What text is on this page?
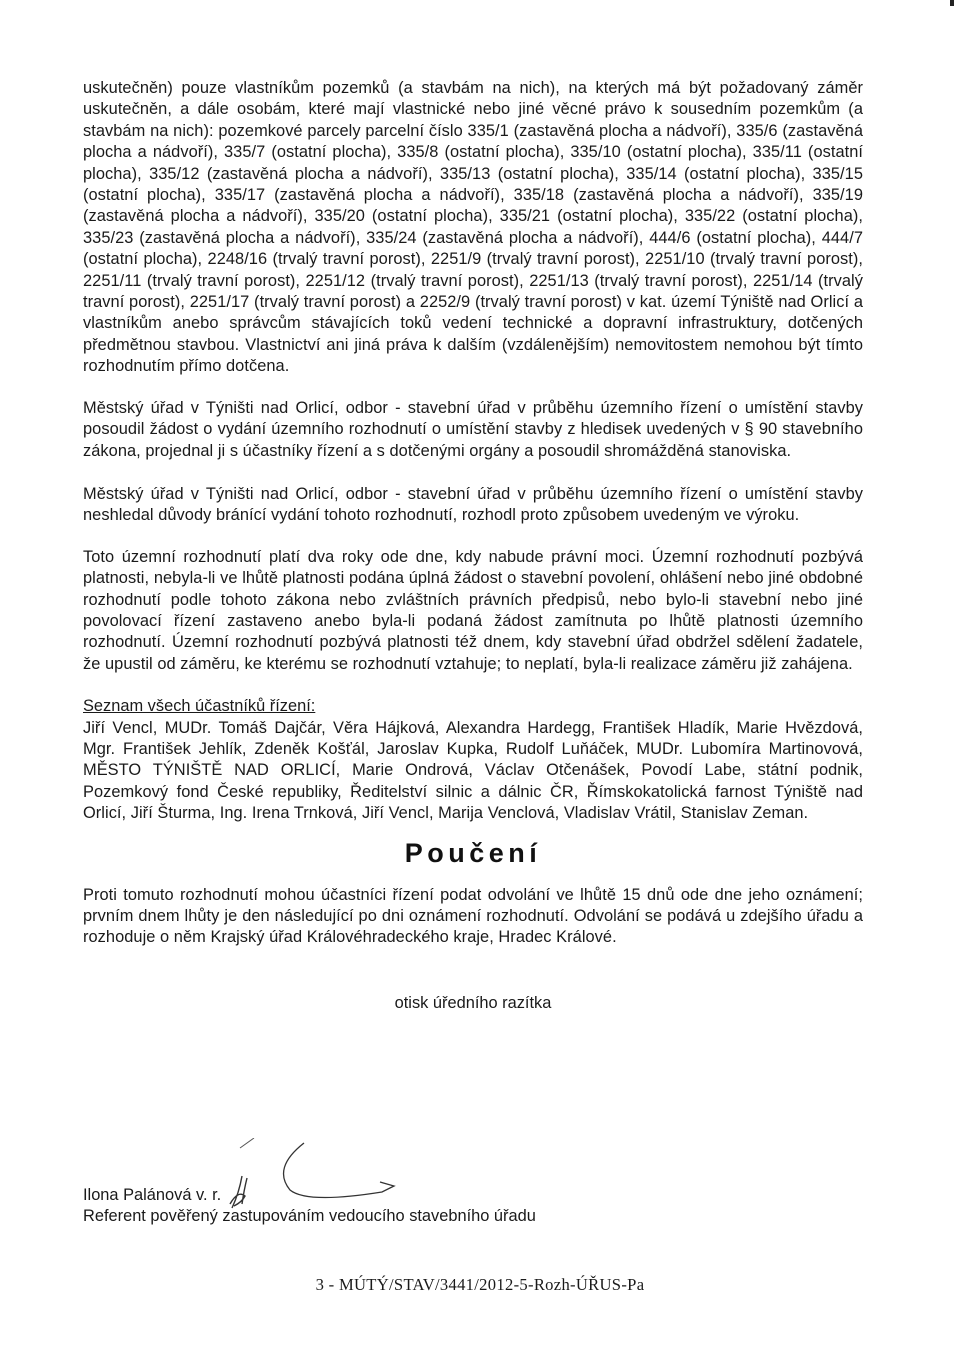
uskutečněn) pouze vlastníkům pozemků (a stavbám na nich), na kterých má být požadovaný záměr uskutečněn, a dále osobám, které mají vlastnické nebo jiné věcné právo k sousedním pozemkům (a stavbám na nich): pozemkové parcely parcelní číslo 335/1 (zastavěná plocha a nádvoří), 335/6 (zastavěná plocha a nádvoří), 335/7 (ostatní plocha), 335/8 (ostatní plocha), 335/10 (ostatní plocha), 335/11 (ostatní plocha), 335/12 (zastavěná plocha a nádvoří), 335/13 (ostatní plocha), 335/14 (ostatní plocha), 335/15 (ostatní plocha), 335/17 (zastavěná plocha a nádvoří), 335/18 (zastavěná plocha a nádvoří), 335/19 (zastavěná plocha a nádvoří), 335/20 (ostatní plocha), 335/21 (ostatní plocha), 335/22 (ostatní plocha), 335/23 (zastavěná plocha a nádvoří), 335/24 (zastavěná plocha a nádvoří), 444/6 (ostatní plocha), 444/7 (ostatní plocha), 2248/16 (trvalý travní porost), 2251/9 (trvalý travní porost), 2251/10 (trvalý travní porost), 2251/11 (trvalý travní porost), 2251/12 (trvalý travní porost), 2251/13 (trvalý travní porost), 2251/14 (trvalý travní porost), 2251/17 (trvalý travní porost) a 2252/9 (trvalý travní porost) v kat. území Týniště nad Orlicí a vlastníkům anebo správcům stávajících toků vedení technické a dopravní infrastruktury, dotčených předmětnou stavbou. Vlastnictví ani jiná práva k dalším (vzdálenějším) nemovitostem nemohou být tímto rozhodnutím přímo dotčena.

Městský úřad v Týništi nad Orlicí, odbor - stavební úřad v průběhu územního řízení o umístění stavby posoudil žádost o vydání územního rozhodnutí o umístění stavby z hledisek uvedených v § 90 stavebního zákona, projednal ji s účastníky řízení a s dotčenými orgány a posoudil shromážděná stanoviska.

Městský úřad v Týništi nad Orlicí, odbor - stavební úřad v průběhu územního řízení o umístění stavby neshledal důvody bránící vydání tohoto rozhodnutí, rozhodl proto způsobem uvedeným ve výroku.

Toto územní rozhodnutí platí dva roky ode dne, kdy nabude právní moci. Územní rozhodnutí pozbývá platnosti, nebyla-li ve lhůtě platnosti podána úplná žádost o stavební povolení, ohlášení nebo jiné obdobné rozhodnutí podle tohoto zákona nebo zvláštních právních předpisů, nebo bylo-li stavební nebo jiné povolovací řízení zastaveno anebo byla-li podaná žádost zamítnuta po lhůtě platnosti územního rozhodnutí. Územní rozhodnutí pozbývá platnosti též dnem, kdy stavební úřad obdržel sdělení žadatele, že upustil od záměru, ke kterému se rozhodnutí vztahuje; to neplatí, byla-li realizace záměru již zahájena.

Seznam všech účastníků řízení:

Jiří Vencl, MUDr. Tomáš Dajčár, Věra Hájková, Alexandra Hardegg, František Hladík, Marie Hvězdová, Mgr. František Jehlík, Zdeněk Košťál, Jaroslav Kupka, Rudolf Luňáček, MUDr. Lubomíra Martinovová, MĚSTO TÝNIŠTĚ NAD ORLICÍ, Marie Ondrová, Václav Otčenášek, Povodí Labe, státní podnik, Pozemkový fond České republiky, Ředitelství silnic a dálnic ČR, Římskokatolická farnost Týniště nad Orlicí, Jiří Šturma, Ing. Irena Trnková, Jiří Vencl, Marija Venclová, Vladislav Vrátil, Stanislav Zeman.

Poučení

Proti tomuto rozhodnutí mohou účastníci řízení podat odvolání ve lhůtě 15 dnů ode dne jeho oznámení; prvním dnem lhůty je den následující po dni oznámení rozhodnutí. Odvolání se podává u zdejšího úřadu a rozhoduje o něm Krajský úřad Královéhradeckého kraje, Hradec Králové.

otisk úředního razítka

Ilona Palánová v. r.

Referent pověřený zastupováním vedoucího stavebního úřadu

3 - MÚTÝ/STAV/3441/2012-5-Rozh-ÚŘUS-Pa
